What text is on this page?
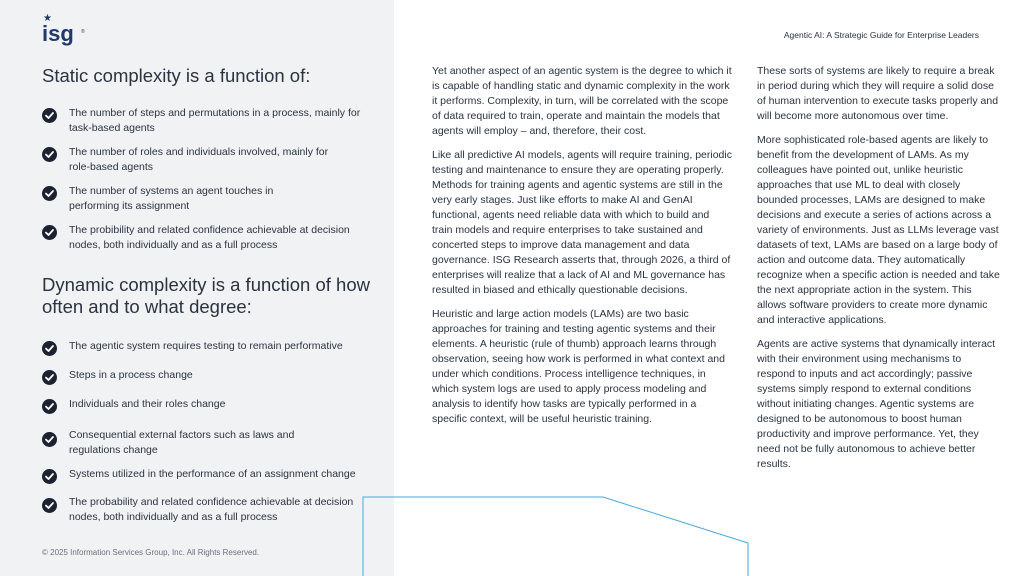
★
isg ®
Static complexity is a function of:
The number of steps and permutations in a process, mainly for task-based agents
The number of roles and individuals involved, mainly for role-based agents
The number of systems an agent touches in performing its assignment
The probibility and related confidence achievable at decision nodes, both individually and as a full process
Dynamic complexity is a function of how often and to what degree:
The agentic system requires testing to remain performative
Steps in a process change
Individuals and their roles change
Consequential external factors such as laws and regulations change
Systems utilized in the performance of an assignment change
The probability and related confidence achievable at decision nodes, both individually and as a full process
© 2025 Information Services Group, Inc. All Rights Reserved.
Agentic AI: A Strategic Guide for Enterprise Leaders

Yet another aspect of an agentic system is the degree to which it is capable of handling static and dynamic complexity in the work it performs. Complexity, in turn, will be correlated with the scope of data required to train, operate and maintain the models that agents will employ – and, therefore, their cost.

Like all predictive AI models, agents will require training, periodic testing and maintenance to ensure they are operating properly. Methods for training agents and agentic systems are still in the very early stages. Just like efforts to make AI and GenAI functional, agents need reliable data with which to build and train models and require enterprises to take sustained and concerted steps to improve data management and data governance. ISG Research asserts that, through 2026, a third of enterprises will realize that a lack of AI and ML governance has resulted in biased and ethically questionable decisions.

Heuristic and large action models (LAMs) are two basic approaches for training and testing agentic systems and their elements. A heuristic (rule of thumb) approach learns through observation, seeing how work is performed in what context and under which conditions. Process intelligence techniques, in which system logs are used to apply process modeling and analysis to identify how tasks are typically performed in a specific context, will be useful heuristic training.

These sorts of systems are likely to require a break in period during which they will require a solid dose of human intervention to execute tasks properly and will become more autonomous over time.

More sophisticated role-based agents are likely to benefit from the development of LAMs. As my colleagues have pointed out, unlike heuristic approaches that use ML to deal with closely bounded processes, LAMs are designed to make decisions and execute a series of actions across a variety of environments. Just as LLMs leverage vast datasets of text, LAMs are based on a large body of action and outcome data. They automatically recognize when a specific action is needed and take the next appropriate action in the system. This allows software providers to create more dynamic and interactive applications.

Agents are active systems that dynamically interact with their environment using mechanisms to respond to inputs and act accordingly; passive systems simply respond to external conditions without initiating changes. Agentic systems are designed to be autonomous to boost human productivity and improve performance. Yet, they need not be fully autonomous to achieve better results.
